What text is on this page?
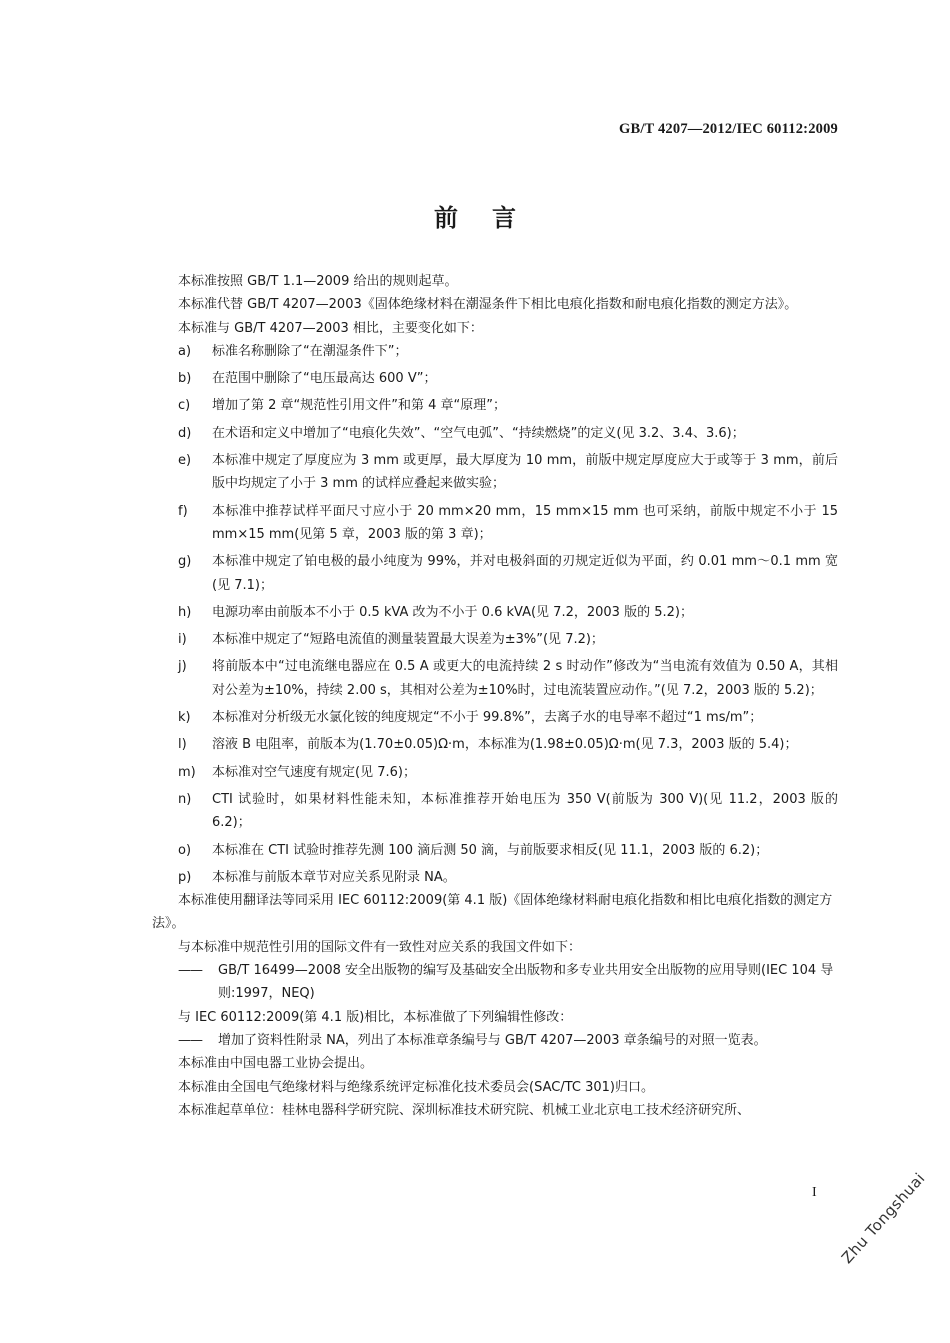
GB/T 4207—2012/IEC 60112:2009
前言

本标准按照 GB/T 1.1—2009 给出的规则起草。

本标准代替 GB/T 4207—2003《固体绝缘材料在潮湿条件下相比电痕化指数和耐电痕化指数的测定方法》。

本标准与 GB/T 4207—2003 相比，主要变化如下：

a)	标准名称删除了“在潮湿条件下”；
b)	在范围中删除了“电压最高达 600 V”；
c)	增加了第 2 章“规范性引用文件”和第 4 章“原理”；
d)	在术语和定义中增加了“电痕化失效”、“空气电弧”、“持续燃烧”的定义(见 3.2、3.4、3.6)；
e)	本标准中规定了厚度应为 3 mm 或更厚，最大厚度为 10 mm，前版中规定厚度应大于或等于 3 mm，前后版中均规定了小于 3 mm 的试样应叠起来做实验；
f)	本标准中推荐试样平面尺寸应小于 20 mm×20 mm，15 mm×15 mm 也可采纳，前版中规定不小于 15 mm×15 mm(见第 5 章，2003 版的第 3 章)；
g)	本标准中规定了铂电极的最小纯度为 99%，并对电极斜面的刃规定近似为平面，约 0.01 mm～0.1 mm 宽(见 7.1)；
h)	电源功率由前版本不小于 0.5 kVA 改为不小于 0.6 kVA(见 7.2，2003 版的 5.2)；
i)	本标准中规定了“短路电流值的测量装置最大误差为±3%”(见 7.2)；
j)	将前版本中“过电流继电器应在 0.5 A 或更大的电流持续 2 s 时动作”修改为“当电流有效值为 0.50 A，其相对公差为±10%，持续 2.00 s，其相对公差为±10%时，过电流装置应动作。”(见 7.2，2003 版的 5.2)；
k)	本标准对分析级无水氯化铵的纯度规定“不小于 99.8%”，去离子水的电导率不超过“1 ms/m”；
l)	溶液 B 电阻率，前版本为(1.70±0.05)Ω·m，本标准为(1.98±0.05)Ω·m(见 7.3，2003 版的 5.4)；
m)	本标准对空气速度有规定(见 7.6)；
n)	CTI 试验时，如果材料性能未知，本标准推荐开始电压为 350 V(前版为 300 V)(见 11.2，2003 版的 6.2)；
o)	本标准在 CTI 试验时推荐先测 100 滴后测 50 滴，与前版要求相反(见 11.1，2003 版的 6.2)；
p)	本标准与前版本章节对应关系见附录 NA。

本标准使用翻译法等同采用 IEC 60112:2009(第 4.1 版)《固体绝缘材料耐电痕化指数和相比电痕化指数的测定方法》。

与本标准中规范性引用的国际文件有一致性对应关系的我国文件如下：

——	GB/T 16499—2008 安全出版物的编写及基础安全出版物和多专业共用安全出版物的应用导则(IEC 104 导则:1997，NEQ)

与 IEC 60112:2009(第 4.1 版)相比，本标准做了下列编辑性修改：

——	增加了资料性附录 NA，列出了本标准章条编号与 GB/T 4207—2003 章条编号的对照一览表。

本标准由中国电器工业协会提出。

本标准由全国电气绝缘材料与绝缘系统评定标准化技术委员会(SAC/TC 301)归口。

本标准起草单位：桂林电器科学研究院、深圳标准技术研究院、机械工业北京电工技术经济研究所、

I Zhu Tongshuai
